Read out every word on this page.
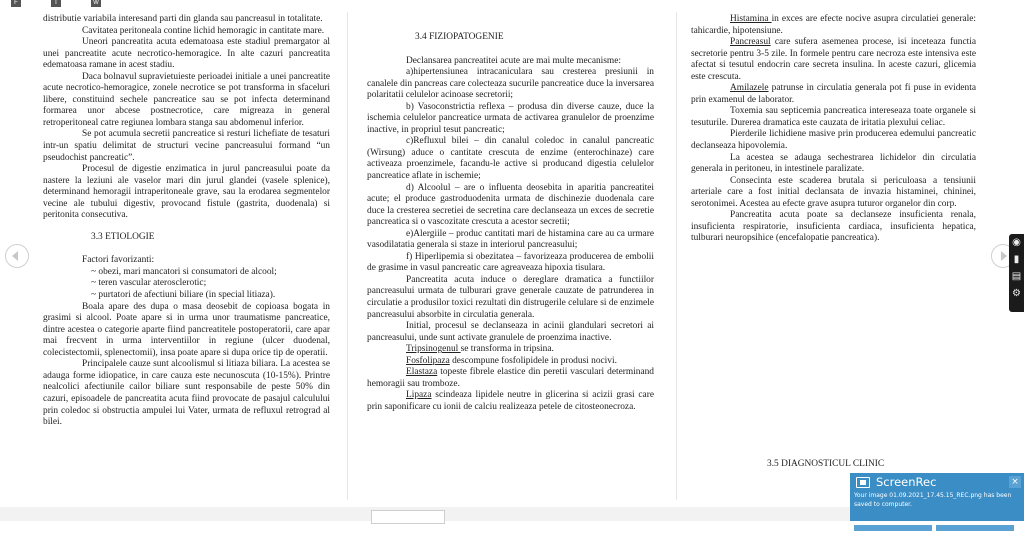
F	T	W

distributie variabila interesand parti din glanda sau pancreasul in totalitate.

Cavitatea peritoneala contine lichid hemoragic in cantitate mare.

Uneori pancreatita acuta edematoasa este stadiul premargator al unei pancreatite acute necrotico-hemoragice. In alte cazuri pancreatita edematoasa ramane in acest stadiu.

Daca bolnavul supravietuieste perioadei initiale a unei pancreatite acute necrotico-hemoragice, zonele necrotice se pot transforma in sfaceluri libere, constituind sechele pancreatice sau se pot infecta determinand formarea unor abcese postnecrotice, care migreaza in general retroperitoneal catre regiunea lombara stanga sau abdomenul inferior.

Se pot acumula secretii pancreatice si resturi lichefiate de tesaturi intr-un spatiu delimitat de structuri vecine pancreasului formand “un pseudochist pancreatic”.

Procesul de digestie enzimatica in jurul pancreasului poate da nastere la leziuni ale vaselor mari din jurul glandei (vasele splenice), determinand hemoragii intraperitoneale grave, sau la erodarea segmentelor vecine ale tubului digestiv, provocand fistule (gastrita, duodenala) si peritonita consecutiva.

3.3 ETIOLOGIE

Factori favorizanti:

~ obezi, mari mancatori si consumatori de alcool;

~ teren vascular aterosclerotic;

~ purtatori de afectiuni biliare (in special litiaza).

Boala apare des dupa o masa deosebit de copioasa bogata in grasimi si alcool. Poate apare si in urma unor traumatisme pancreatice, dintre acestea o categorie aparte fiind pancreatitele postoperatorii, care apar mai frecvent in urma interventiilor in regiune (ulcer duodenal, colecistectomii, splenectomii), insa poate apare si dupa orice tip de operatii.

Principalele cauze sunt alcoolismul si litiaza biliara. La acestea se adauga forme idiopatice, in care cauza este necunoscuta (10-15%). Printre nealcolici afectiunile cailor biliare sunt responsabile de peste 50% din cazuri, episoadele de pancreatita acuta fiind provocate de pasajul calculului prin coledoc si obstructia ampulei lui Vater, urmata de refluxul retrograd al bilei.

3.4 FIZIOPATOGENIE

Declansarea pancreatitei acute are mai multe mecanisme:

a)hipertensiunea intracaniculara sau cresterea presiunii in canalele din pancreas care colecteaza sucurile pancreatice duce la inversarea polaritatii celulelor acinoase secretorii;

b) Vasoconstrictia reflexa – produsa din diverse cauze, duce la ischemia celulelor pancreatice urmata de activarea granulelor de proenzime inactive, in propriul tesut pancreatic;

c)Refluxul bilei – din canalul coledoc in canalul pancreatic (Wirsung) aduce o cantitate crescuta de enzime (enterochinaze) care activeaza proenzimele, facandu-le active si producand digestia celulelor pancreatice aflate in ischemie;

d) Alcoolul – are o influenta deosebita in aparitia pancreatitei acute; el produce gastroduodenita urmata de dischinezie duodenala care duce la cresterea secretiei de secretina care declanseaza un exces de secretie pancreatica si o vascozitate crescuta a acestor secretii;

e)Alergiile – produc cantitati mari de histamina care au ca urmare vasodilatatia generala si staze in interiorul pancreasului;

f) Hiperlipemia si obezitatea – favorizeaza producerea de embolii de grasime in vasul pancreatic care agreaveaza hipoxia tisulara.

Pancreatita acuta induce o dereglare dramatica a functiilor pancreasului urmata de tulburari grave generale cauzate de patrunderea in circulatie a produsilor toxici rezultati din distrugerile celulare si de enzimele pancreasului absorbite in circulatia generala.

Initial, procesul se declanseaza in acinii glandulari secretori ai pancreasului, unde sunt activate granulele de proenzima inactive.

Tripsinogenul se transforma in tripsina.

Fosfolipaza descompune fosfolipidele in produsi nocivi.

Elastaza topeste fibrele elastice din peretii vasculari determinand hemoragii sau tromboze.

Lipaza scindeaza lipidele neutre in glicerina si acizii grasi care prin saponificare cu ionii de calciu realizeaza petele de citosteonecroza.

Histamina in exces are efecte nocive asupra circulatiei generale: tahicardie, hipotensiune.

Pancreasul care sufera asemenea procese, isi inceteaza functia secretorie pentru 3-5 zile. In formele pentru care necroza este intensiva este afectat si tesutul endocrin care secreta insulina. In aceste cazuri, glicemia este crescuta.

Amilazele patrunse in circulatia generala pot fi puse in evidenta prin examenul de laborator.

Toxemia sau septicemia pancreatica intereseaza toate organele si tesuturile. Durerea dramatica este cauzata de iritatia plexului celiac.

Pierderile lichidiene masive prin producerea edemului pancreatic declanseaza hipovolemia.

La acestea se adauga sechestrarea lichidelor din circulatia generala in peritoneu, in intestinele paralizate.

Consecinta este scaderea brutala si periculoasa a tensiunii arteriale care a fost initial declansata de invazia histaminei, chininei, serotonimei. Acestea au efecte grave asupra tuturor organelor din corp.

Pancreatita acuta poate sa declanseze insuficienta renala, insuficienta respiratorie, insuficienta cardiaca, insuficienta hepatica, tulburari neuropsihice (encefalopatie pancreatica).

3.5 DIAGNOSTICUL CLINIC

◉
▮
▤
⚙
ScreenRec	×
Your image 01.09.2021_17.45.15_REC.png has been saved to computer.
